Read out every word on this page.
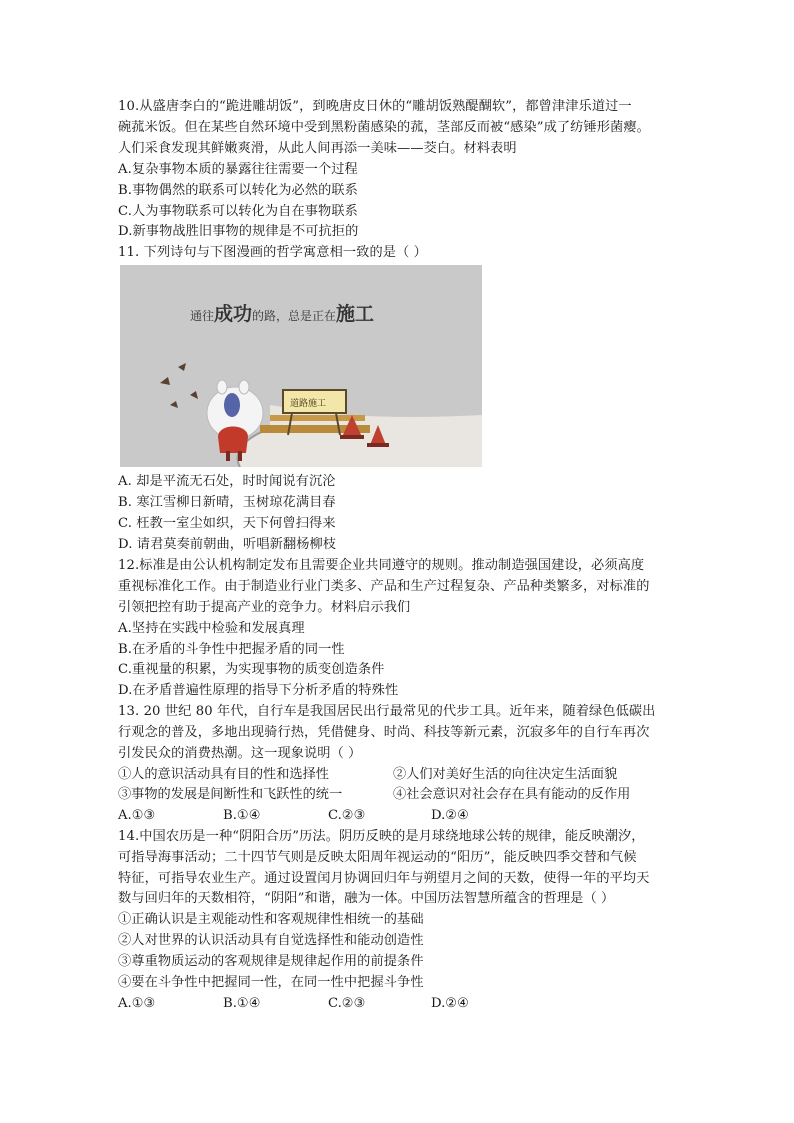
10.从盛唐李白的“跪进雕胡饭”，到晚唐皮日休的“雕胡饭熟醍醐软”，都曾津津乐道过一
碗菰米饭。但在某些自然环境中受到黑粉菌感染的菰，茎部反而被“感染”成了纺锤形菌瘿。
人们采食发现其鲜嫩爽滑，从此人间再添一美味——茭白。材料表明
A.复杂事物本质的暴露往往需要一个过程
B.事物偶然的联系可以转化为必然的联系
C.人为事物联系可以转化为自在事物联系
D.新事物战胜旧事物的规律是不可抗拒的
11. 下列诗句与下图漫画的哲学寓意相一致的是（ ）
通往成功的路，总是正在施工
道路施工
A. 却是平流无石处，时时闻说有沉沦
B. 寒江雪柳日新晴，玉树琼花满目春
C. 枉教一室尘如织，天下何曾扫得来
D. 请君莫奏前朝曲，听唱新翻杨柳枝
12.标准是由公认机构制定发布且需要企业共同遵守的规则。推动制造强国建设，必须高度
重视标准化工作。由于制造业行业门类多、产品和生产过程复杂、产品种类繁多，对标准的
引领把控有助于提高产业的竞争力。材料启示我们
A.坚持在实践中检验和发展真理
B.在矛盾的斗争性中把握矛盾的同一性
C.重视量的积累，为实现事物的质变创造条件
D.在矛盾普遍性原理的指导下分析矛盾的特殊性
13. 20 世纪 80 年代，自行车是我国居民出行最常见的代步工具。近年来，随着绿色低碳出
行观念的普及，多地出现骑行热，凭借健身、时尚、科技等新元素，沉寂多年的自行车再次
引发民众的消费热潮。这一现象说明（ ）
①人的意识活动具有目的性和选择性	②人们对美好生活的向往决定生活面貌
③事物的发展是间断性和飞跃性的统一	④社会意识对社会存在具有能动的反作用
A.①③	B.①④	C.②③	D.②④
14.中国农历是一种“阴阳合历”历法。阴历反映的是月球绕地球公转的规律，能反映潮汐，
可指导海事活动；二十四节气则是反映太阳周年视运动的“阳历”，能反映四季交替和气候
特征，可指导农业生产。通过设置闰月协调回归年与朔望月之间的天数，使得一年的平均天
数与回归年的天数相符，“阴阳”和谐，融为一体。中国历法智慧所蕴含的哲理是（ ）
①正确认识是主观能动性和客观规律性相统一的基础
②人对世界的认识活动具有自觉选择性和能动创造性
③尊重物质运动的客观规律是规律起作用的前提条件
④要在斗争性中把握同一性，在同一性中把握斗争性
A.①③	B.①④	C.②③	D.②④
